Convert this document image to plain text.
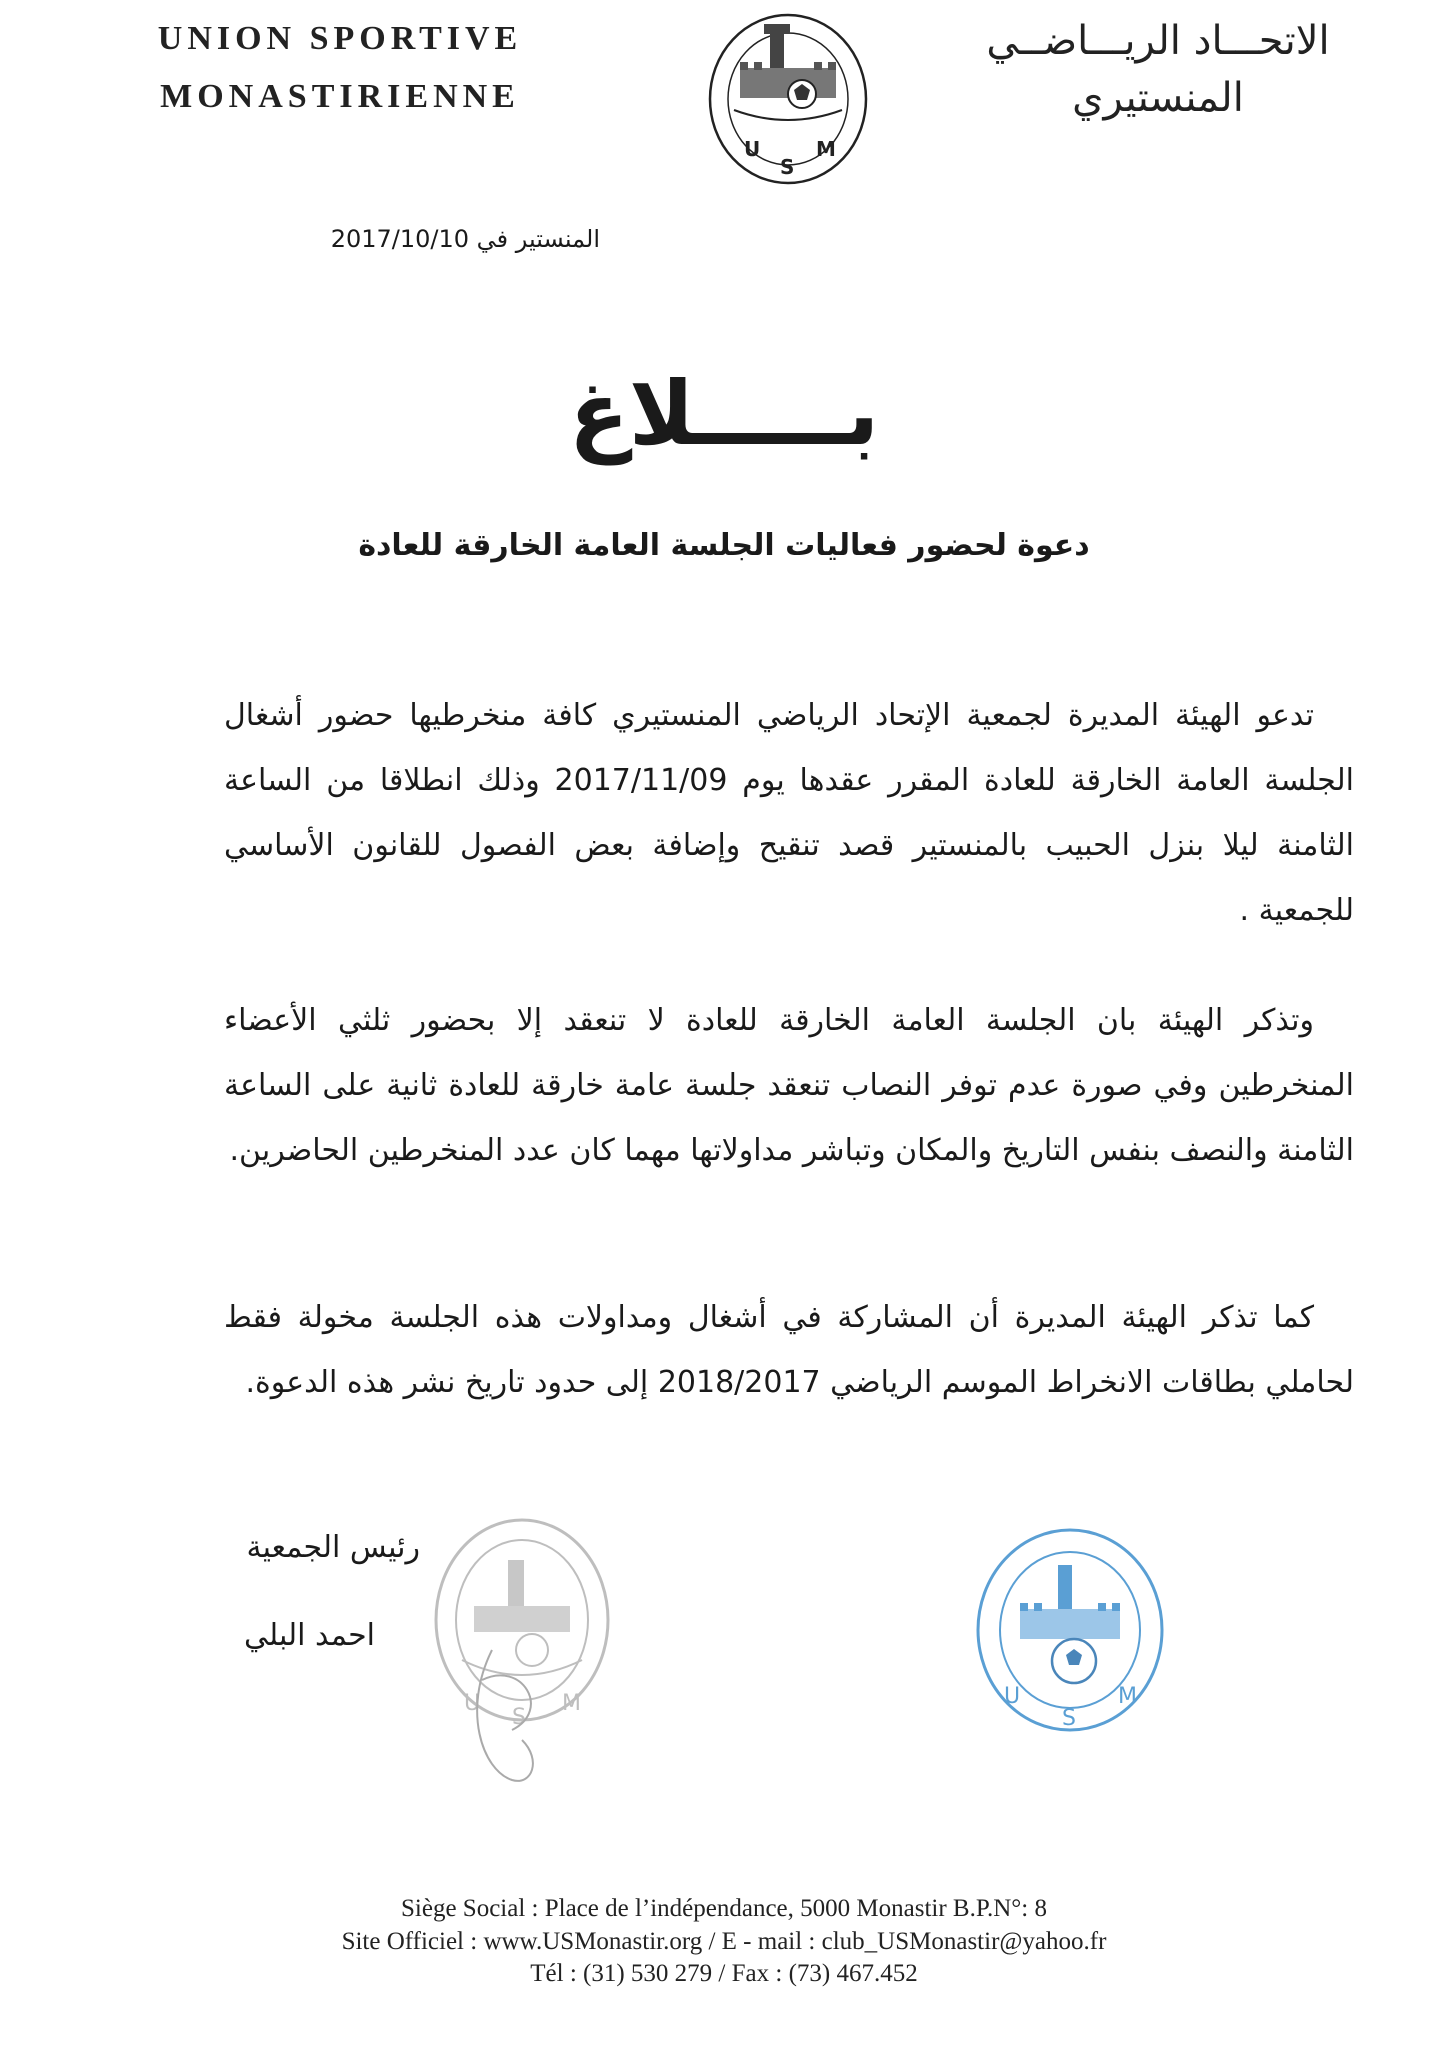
UNION SPORTIVE
MONASTIRIENNE
U
S
M
الاتحـــاد الريـــاضــي
المنستيري
المنستير في 2017/10/10
بـــــلاغ
دعوة لحضور فعاليات الجلسة العامة الخارقة للعادة

تدعو الهيئة المديرة لجمعية الإتحاد الرياضي المنستيري كافة منخرطيها حضور أشغال الجلسة العامة الخارقة للعادة المقرر عقدها يوم 2017/11/09 وذلك انطلاقا من الساعة الثامنة ليلا بنزل الحبيب بالمنستير قصد تنقيح وإضافة بعض الفصول للقانون الأساسي للجمعية .

وتذكر الهيئة بان الجلسة العامة الخارقة للعادة لا تنعقد إلا بحضور ثلثي الأعضاء المنخرطين وفي صورة عدم توفر النصاب تنعقد جلسة عامة خارقة للعادة ثانية على الساعة الثامنة والنصف بنفس التاريخ والمكان وتباشر مداولاتها مهما كان عدد المنخرطين الحاضرين.

كما تذكر الهيئة المديرة أن المشاركة في أشغال ومداولات هذه الجلسة مخولة فقط لحاملي بطاقات الانخراط الموسم الرياضي 2018/2017 إلى حدود تاريخ نشر هذه الدعوة.

رئيس الجمعية
احمد البلي
U
S
M	U
S
M
Siège Social : Place de l’indépendance, 5000 Monastir B.P.N°: 8
Site Officiel : www.USMonastir.org / E - mail : club_USMonastir@yahoo.fr
Tél : (31) 530 279 / Fax : (73) 467.452
